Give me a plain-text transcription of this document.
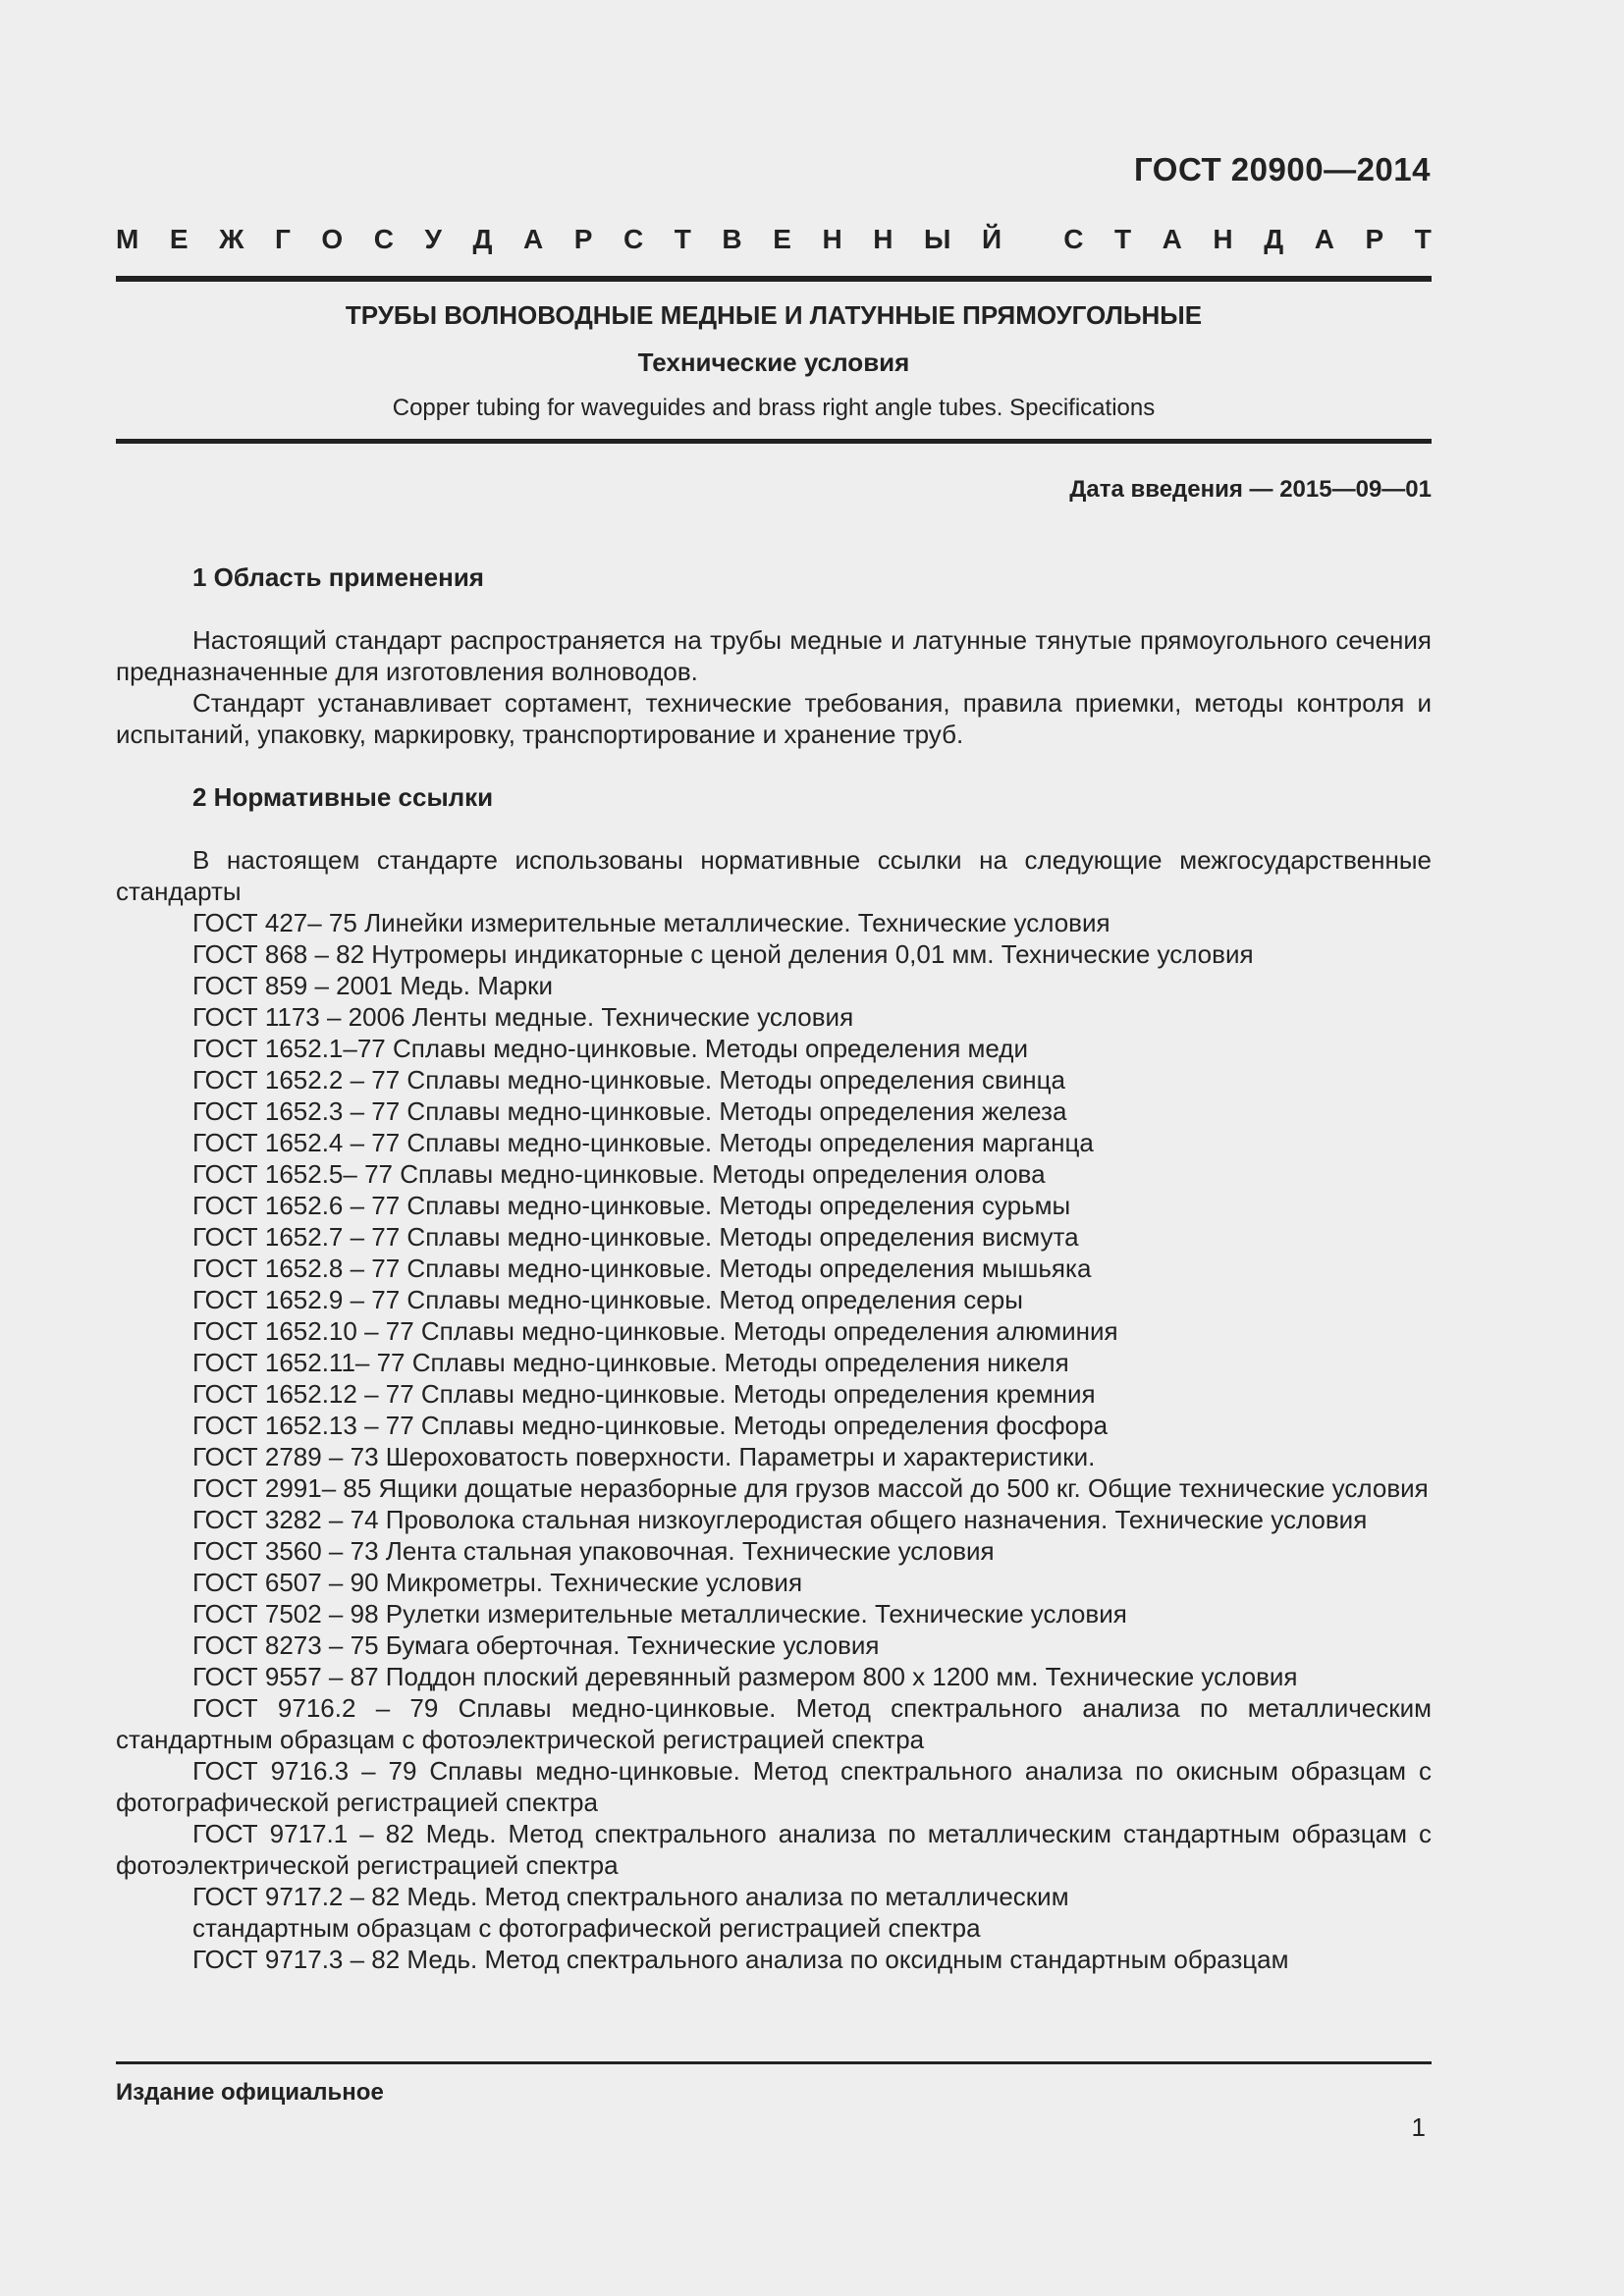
ГОСТ 20900—2014
М Е Ж Г О С У Д А Р С Т В Е Н Н Ы Й С Т А Н Д А Р Т
ТРУБЫ ВОЛНОВОДНЫЕ МЕДНЫЕ И ЛАТУННЫЕ ПРЯМОУГОЛЬНЫЕ
Технические условия
Copper tubing for waveguides and brass right angle tubes. Specifications
Дата введения — 2015—09—01
1 Область применения
Настоящий стандарт распространяется на трубы медные и латунные тянутые прямоугольного сечения предназначенные для изготовления волноводов.
Стандарт устанавливает сортамент, технические требования, правила приемки, методы контроля и испытаний, упаковку, маркировку, транспортирование и хранение труб.
2 Нормативные ссылки
В настоящем стандарте использованы нормативные ссылки на следующие межгосударственные стандарты

ГОСТ 427– 75 Линейки измерительные металлические. Технические условия

ГОСТ 868 – 82 Нутромеры индикаторные с ценой деления 0,01 мм. Технические условия

ГОСТ 859 – 2001 Медь. Марки

ГОСТ 1173 – 2006 Ленты медные. Технические условия

ГОСТ 1652.1–77 Сплавы медно-цинковые. Методы определения меди

ГОСТ 1652.2 – 77 Сплавы медно-цинковые. Методы определения свинца

ГОСТ 1652.3 – 77 Сплавы медно-цинковые. Методы определения железа

ГОСТ 1652.4 – 77 Сплавы медно-цинковые. Методы определения марганца

ГОСТ 1652.5– 77 Сплавы медно-цинковые. Методы определения олова

ГОСТ 1652.6 – 77 Сплавы медно-цинковые. Методы определения сурьмы

ГОСТ 1652.7 – 77 Сплавы медно-цинковые. Методы определения висмута

ГОСТ 1652.8 – 77 Сплавы медно-цинковые. Методы определения мышьяка

ГОСТ 1652.9 – 77 Сплавы медно-цинковые. Метод определения серы

ГОСТ 1652.10 – 77 Сплавы медно-цинковые. Методы определения алюминия

ГОСТ 1652.11– 77 Сплавы медно-цинковые. Методы определения никеля

ГОСТ 1652.12 – 77 Сплавы медно-цинковые. Методы определения кремния

ГОСТ 1652.13 – 77 Сплавы медно-цинковые. Методы определения фосфора

ГОСТ 2789 – 73 Шероховатость поверхности. Параметры и характеристики.

ГОСТ 2991– 85 Ящики дощатые неразборные для грузов массой до 500 кг. Общие технические условия

ГОСТ 3282 – 74 Проволока стальная низкоуглеродистая общего назначения. Технические условия

ГОСТ 3560 – 73 Лента стальная упаковочная. Технические условия

ГОСТ 6507 – 90 Микрометры. Технические условия

ГОСТ 7502 – 98 Рулетки измерительные металлические. Технические условия

ГОСТ 8273 – 75 Бумага оберточная. Технические условия

ГОСТ 9557 – 87 Поддон плоский деревянный размером 800 х 1200 мм. Технические условия

ГОСТ 9716.2 – 79 Сплавы медно-цинковые. Метод спектрального анализа по металлическим стандартным образцам с фотоэлектрической регистрацией спектра

ГОСТ 9716.3 – 79 Сплавы медно-цинковые. Метод спектрального анализа по окисным образцам с фотографической регистрацией спектра

ГОСТ 9717.1 – 82 Медь. Метод спектрального анализа по металлическим стандартным образцам с фотоэлектрической регистрацией спектра

ГОСТ 9717.2 – 82 Медь. Метод спектрального анализа по металлическим

стандартным образцам с фотографической регистрацией спектра

ГОСТ 9717.3 – 82 Медь. Метод спектрального анализа по оксидным стандартным образцам

Издание официальное
1
